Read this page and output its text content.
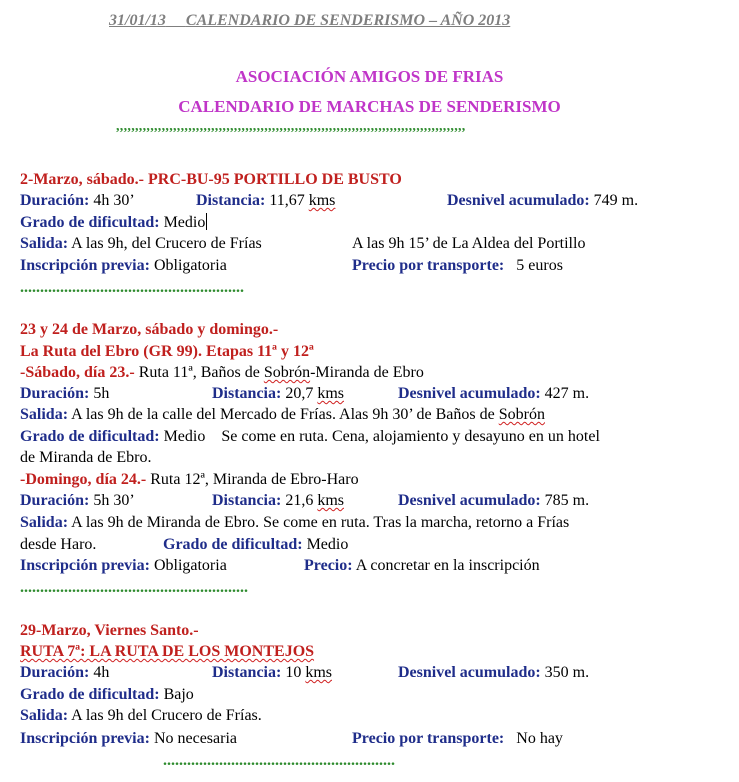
31/01/13 CALENDARIO DE SENDERISMO – AÑO 2013
ASOCIACIÓN AMIGOS DE FRIAS
CALENDARIO DE MARCHAS DE SENDERISMO
,,,,,,,,,,,,,,,,,,,,,,,,,,,,,,,,,,,,,,,,,,,,,,,,,,,,,,,,,,,,,,,,,,,,,,,,,,,,,,,,,,,,,,,,,,,,
2-Marzo, sábado.- PRC-BU-95 PORTILLO DE BUSTO
Duración: 4h 30’	Distancia: 11,67 kms	Desnivel acumulado: 749 m.
Grado de dificultad: Medio
Salida: A las 9h, del Crucero de Frías	A las 9h 15’ de La Aldea del Portillo
Inscripción previa: Obligatoria	Precio por transporte: 5 euros
........................................................
23 y 24 de Marzo, sábado y domingo.-
La Ruta del Ebro (GR 99). Etapas 11ª y 12ª
-Sábado, día 23.- Ruta 11ª, Baños de Sobrón-Miranda de Ebro
Duración: 5h	Distancia: 20,7 kms	Desnivel acumulado: 427 m.
Salida: A las 9h de la calle del Mercado de Frías. Alas 9h 30’ de Baños de Sobrón
Grado de dificultad: Medio Se come en ruta. Cena, alojamiento y desayuno en un hotel
de Miranda de Ebro.
-Domingo, día 24.- Ruta 12ª, Miranda de Ebro-Haro
Duración: 5h 30’	Distancia: 21,6 kms	Desnivel acumulado: 785 m.
Salida: A las 9h de Miranda de Ebro. Se come en ruta. Tras la marcha, retorno a Frías
desde Haro.	Grado de dificultad: Medio
Inscripción previa: Obligatoria	Precio: A concretar en la inscripción
.........................................................
29-Marzo, Viernes Santo.-
RUTA 7ª: LA RUTA DE LOS MONTEJOS
Duración: 4h	Distancia: 10 kms	Desnivel acumulado: 350 m.
Grado de dificultad: Bajo
Salida: A las 9h del Crucero de Frías.
Inscripción previa: No necesaria	Precio por transporte: No hay
..........................................................
